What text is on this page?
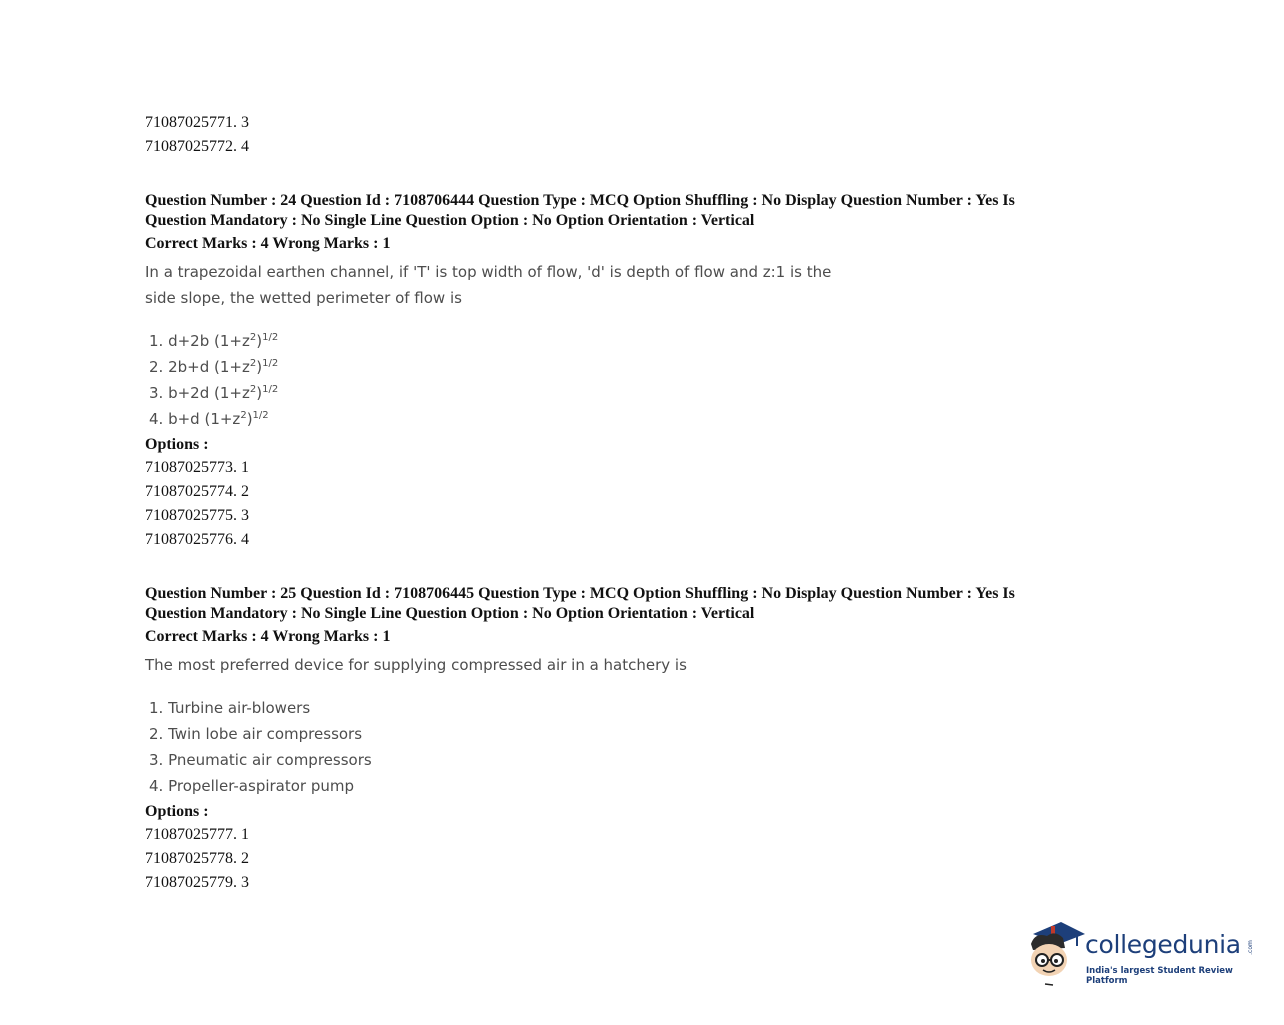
71087025771. 3
71087025772. 4
Question Number : 24 Question Id : 7108706444 Question Type : MCQ Option Shuffling : No Display Question Number : Yes Is
Question Mandatory : No Single Line Question Option : No Option Orientation : Vertical
Correct Marks : 4 Wrong Marks : 1
In a trapezoidal earthen channel, if 'T' is top width of flow, 'd' is depth of flow and z:1 is the
side slope, the wetted perimeter of flow is
1. d+2b $(1+z^2)^{1/2}$
2. 2b+d $(1+z^2)^{1/2}$
3. b+2d $(1+z^2)^{1/2}$
4. b+d $(1+z^2)^{1/2}$
Options :
71087025773. 1
71087025774. 2
71087025775. 3
71087025776. 4
Question Number : 25 Question Id : 7108706445 Question Type : MCQ Option Shuffling : No Display Question Number : Yes Is
Question Mandatory : No Single Line Question Option : No Option Orientation : Vertical
Correct Marks : 4 Wrong Marks : 1
The most preferred device for supplying compressed air in a hatchery is
1. Turbine air-blowers
2. Twin lobe air compressors
3. Pneumatic air compressors
4. Propeller-aspirator pump
Options :
71087025777. 1
71087025778. 2
71087025779. 3
collegedunia .com
India's largest Student Review Platform
